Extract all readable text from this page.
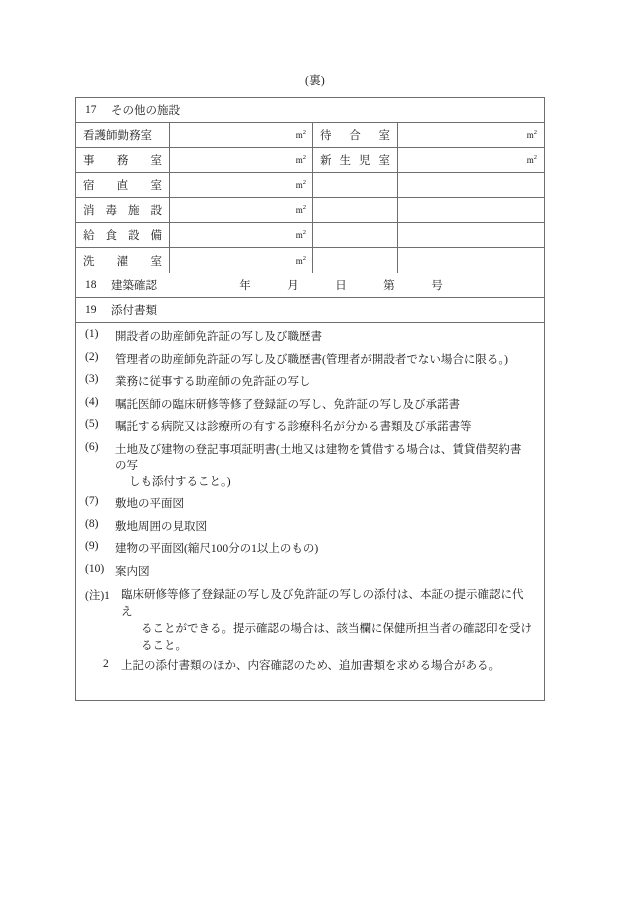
(裏)
17 その他の施設
看 護 師 勤 務 室	$m^2$ 待 合 室	$m^2$
事 務 室	$m^2$ 新 生 児 室	$m^2$
宿 直 室	$m^2$
消 毒 施 設	$m^2$
給 食 設 備	$m^2$
洗 濯 室	$m^2$
18 建築確認	年	月	日	第	号
19 添付書類
(1)	開設者の助産師免許証の写し及び職歴書
(2)	管理者の助産師免許証の写し及び職歴書(管理者が開設者でない場合に限る。)
(3)	業務に従事する助産師の免許証の写し
(4)	嘱託医師の臨床研修等修了登録証の写し、免許証の写し及び承諾書
(5)	嘱託する病院又は診療所の有する診療科名が分かる書類及び承諾書等
(6)	土地及び建物の登記事項証明書(土地又は建物を賃借する場合は、賃貸借契約書の写
しも添付すること。)
(7)	敷地の平面図
(8)	敷地周囲の見取図
(9)	建物の平面図(縮尺100分の1以上のもの)
(10) 案内図
(注)1 臨床研修等修了登録証の写し及び免許証の写しの添付は、本証の提示確認に代え
ることができる。提示確認の場合は、該当欄に保健所担当者の確認印を受けること。
2	上記の添付書類のほか、内容確認のため、追加書類を求める場合がある。
